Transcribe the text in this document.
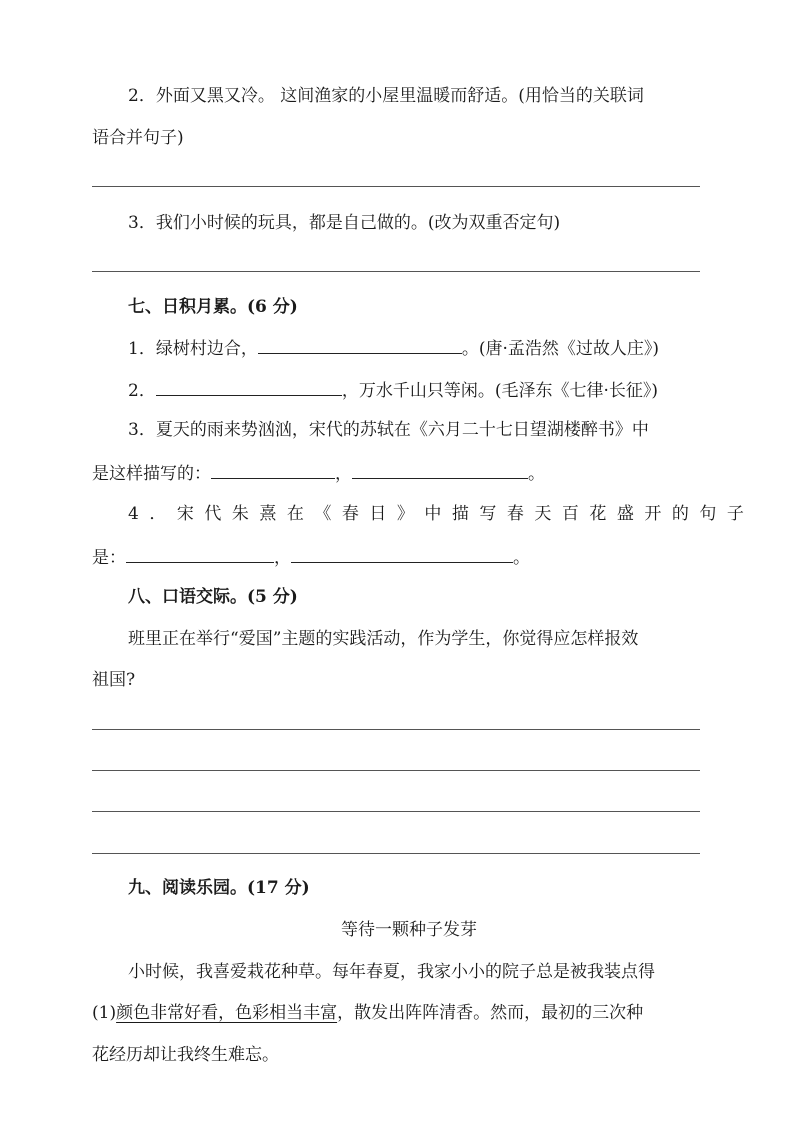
2．外面又黑又冷。 这间渔家的小屋里温暖而舒适。(用恰当的关联词
语合并句子)
3．我们小时候的玩具，都是自己做的。(改为双重否定句)
七、日积月累。(6 分)
1．绿树村边合，	。(唐·孟浩然《过故人庄》)
2．	，万水千山只等闲。(毛泽东《七律·长征》)
3．夏天的雨来势汹汹，宋代的苏轼在《六月二十七日望湖楼醉书》中
是这样描写的：	，	。
4．宋代朱熹在《春日》中描写春天百花盛开的句子
是：	，	。
八、口语交际。(5 分)
班里正在举行“爱国”主题的实践活动，作为学生，你觉得应怎样报效
祖国?
九、阅读乐园。(17 分)
等待一颗种子发芽
小时候，我喜爱栽花种草。每年春夏，我家小小的院子总是被我装点得
(1)颜色非常好看，色彩相当丰富，散发出阵阵清香。然而，最初的三次种
花经历却让我终生难忘。
